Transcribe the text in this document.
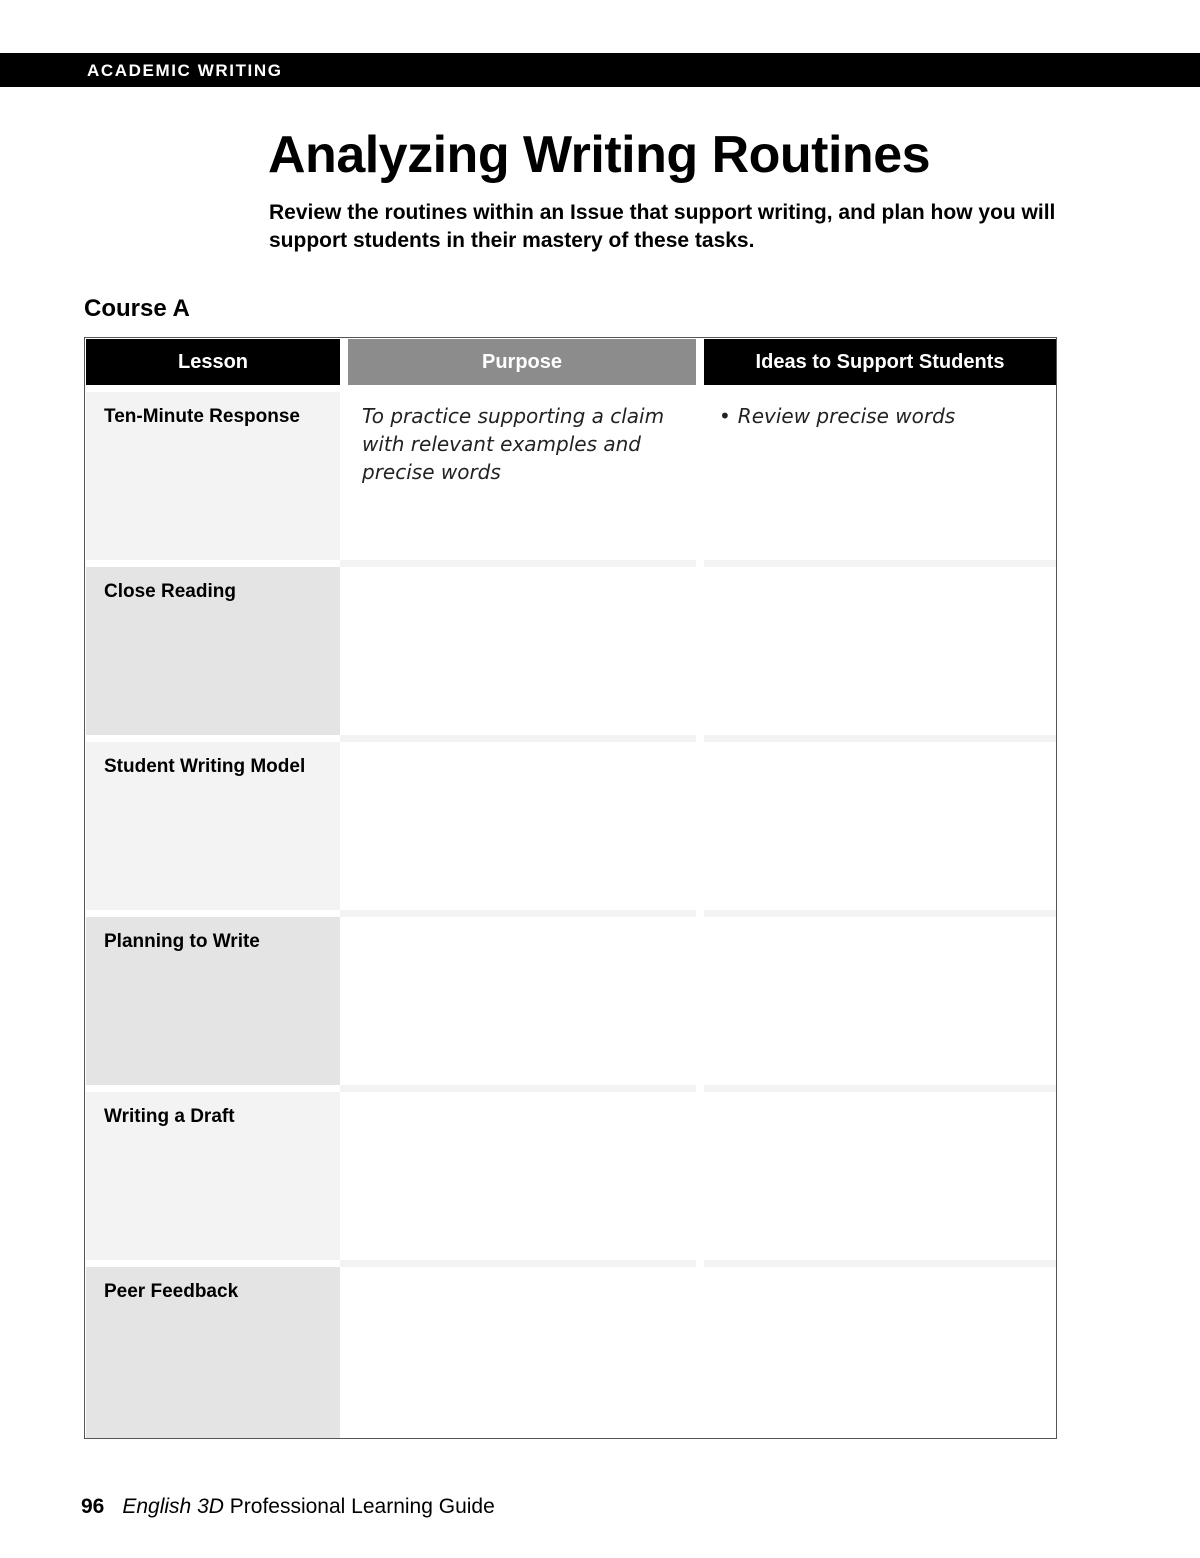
ACADEMIC WRITING
Analyzing Writing Routines

Review the routines within an Issue that support writing, and plan how you will support students in their mastery of these tasks.

Course A
Lesson	Purpose	Ideas to Support Students
Ten-Minute Response
Close Reading
Student Writing Model
Planning to Write
Writing a Draft
Peer Feedback

To practice supporting a claim with relevant examples and precise words

• Review precise words
96 English 3D Professional Learning Guide
